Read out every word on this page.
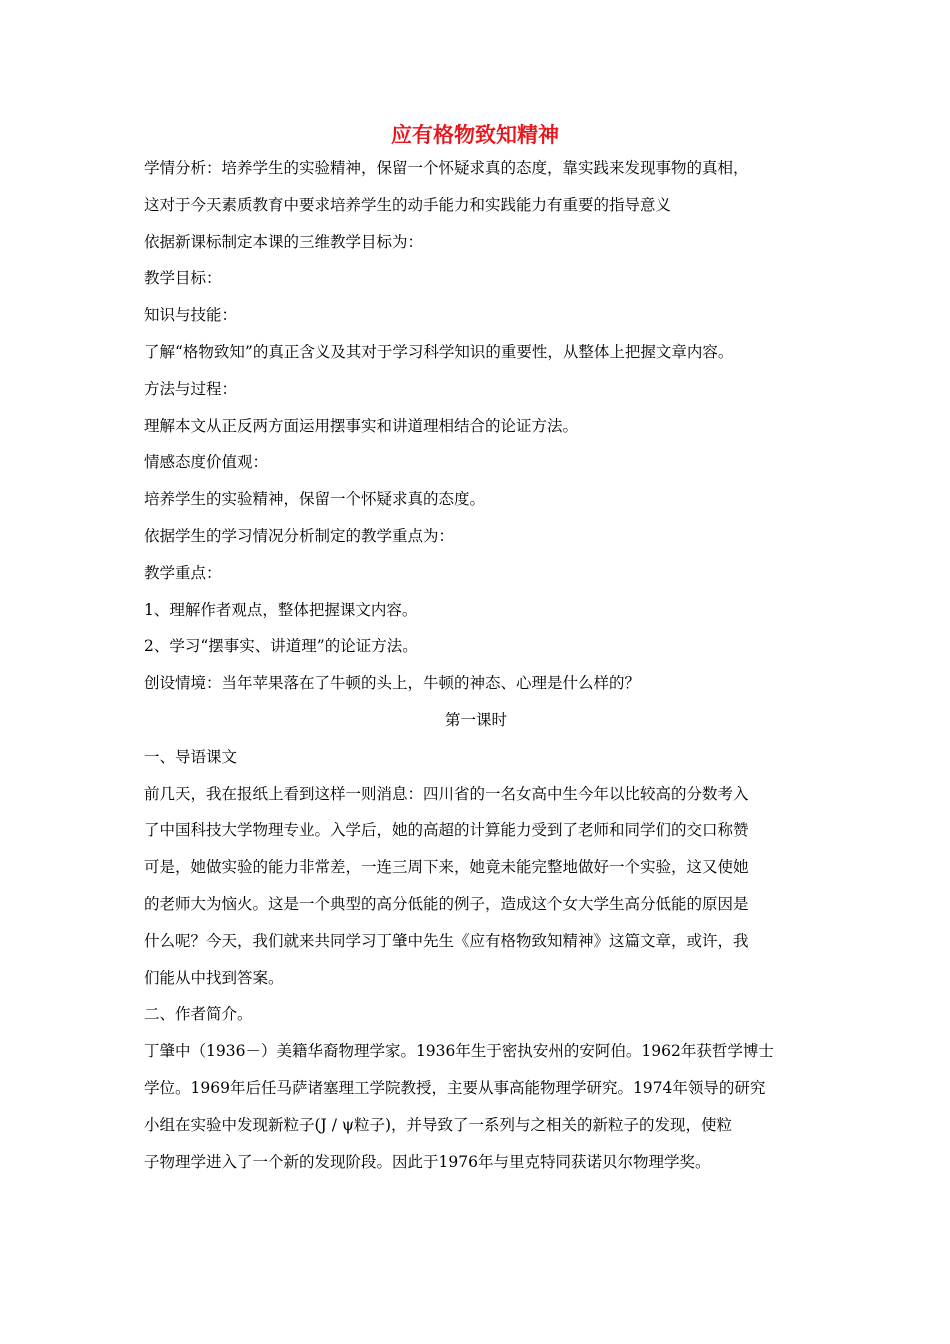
应有格物致知精神
学情分析：培养学生的实验精神，保留一个怀疑求真的态度，靠实践来发现事物的真相，
这对于今天素质教育中要求培养学生的动手能力和实践能力有重要的指导意义
依据新课标制定本课的三维教学目标为：
教学目标：
知识与技能：
了解“格物致知”的真正含义及其对于学习科学知识的重要性，从整体上把握文章内容。
方法与过程：
理解本文从正反两方面运用摆事实和讲道理相结合的论证方法。
情感态度价值观：
培养学生的实验精神，保留一个怀疑求真的态度。
依据学生的学习情况分析制定的教学重点为：
教学重点：
1、理解作者观点，整体把握课文内容。
2、学习“摆事实、讲道理”的论证方法。
创设情境：当年苹果落在了牛顿的头上，牛顿的神态、心理是什么样的？
第一课时
一、导语课文
前几天，我在报纸上看到这样一则消息：四川省的一名女高中生今年以比较高的分数考入
了中国科技大学物理专业。入学后，她的高超的计算能力受到了老师和同学们的交口称赞
可是，她做实验的能力非常差，一连三周下来，她竟未能完整地做好一个实验，这又使她
的老师大为恼火。这是一个典型的高分低能的例子，造成这个女大学生高分低能的原因是
什么呢？今天，我们就来共同学习丁肇中先生《应有格物致知精神》这篇文章，或许，我
们能从中找到答案。
二、作者简介。
丁肇中（1936－）美籍华裔物理学家。1936年生于密执安州的安阿伯。1962年获哲学博士
学位。1969年后任马萨诸塞理工学院教授，主要从事高能物理学研究。1974年领导的研究
小组在实验中发现新粒子(J / ψ粒子)，并导致了一系列与之相关的新粒子的发现，使粒
子物理学进入了一个新的发现阶段。因此于1976年与里克特同获诺贝尔物理学奖。
